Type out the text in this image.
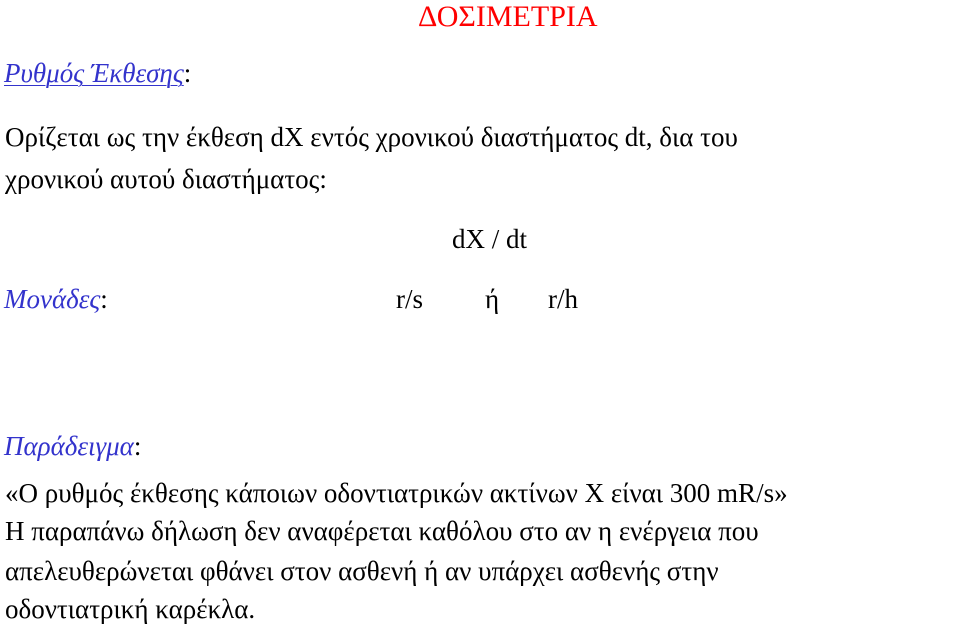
ΔΟΣΙΜΕΤΡΙΑ
Ρυθμός Έκθεσης:
Ορίζεται ως την έκθεση dX εντός χρονικού διαστήματος dt, δια του
χρονικού αυτού διαστήματος:
dX / dt
Μονάδες:	r/s ή r/h
Παράδειγμα:
«Ο ρυθμός έκθεσης κάποιων οδοντιατρικών ακτίνων X είναι 300 mR/s»
Η παραπάνω δήλωση δεν αναφέρεται καθόλου στο αν η ενέργεια που
απελευθερώνεται φθάνει στον ασθενή ή αν υπάρχει ασθενής στην
οδοντιατρική καρέκλα.
